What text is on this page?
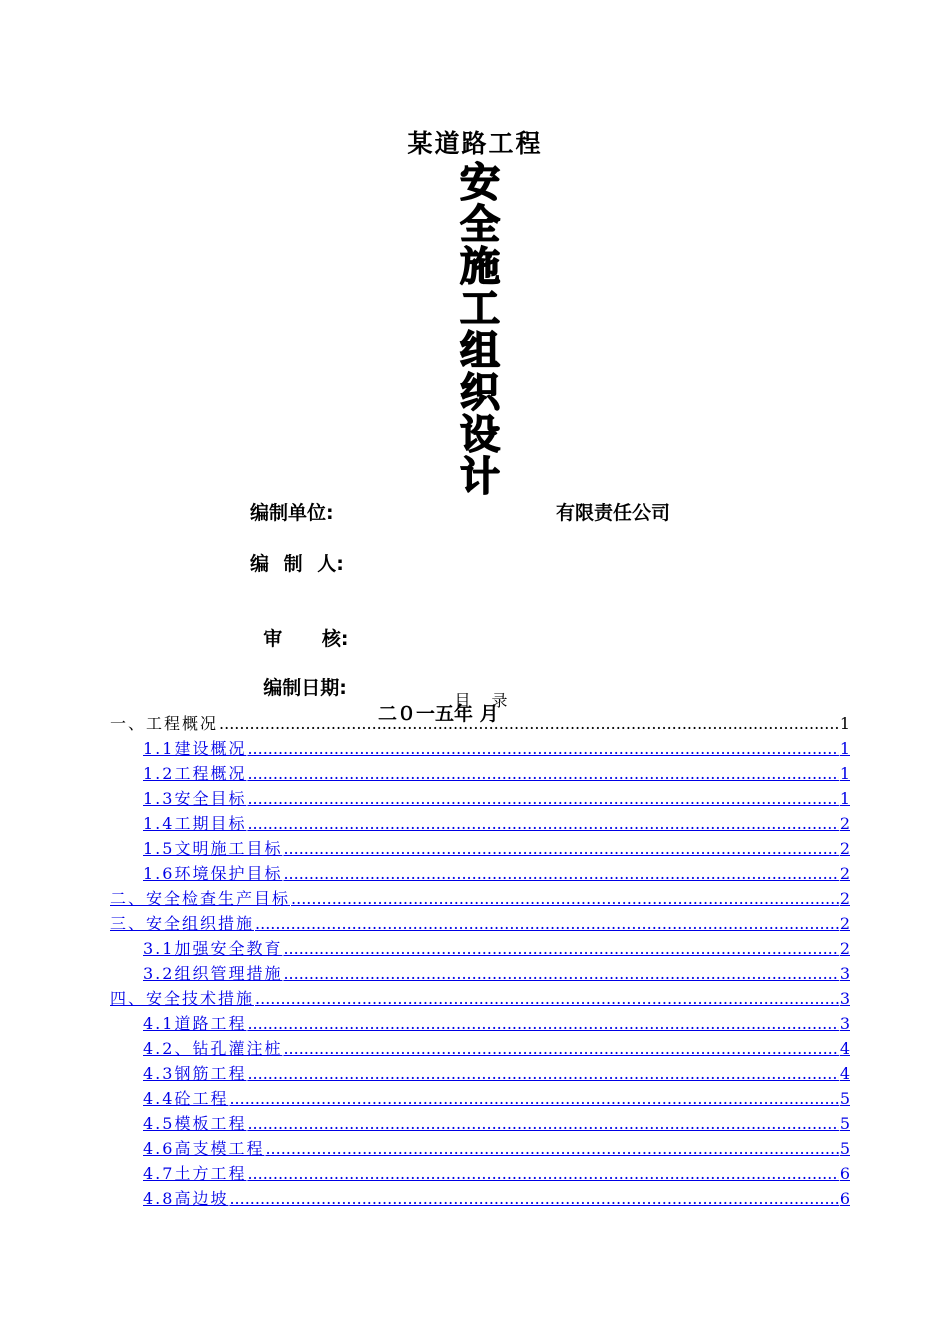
某道路工程
安
全
施
工
组
织
设
计
编制单位:	有限责任公司
编 制 人:

审      核:

编制日期:

二０一五年 月

目 录
一、工程概况 .....	1
1.1建设概况 .....	1
1.2工程概况 .....	1
1.3安全目标 .....	1
1.4工期目标 .....	2
1.5文明施工目标 .....	2
1.6环境保护目标 .....	2
二、安全检查生产目标 .....	2
三、安全组织措施 .....	2
3.1加强安全教育 .....	2
3.2组织管理措施 .....	3
四、安全技术措施 .....	3
4.1道路工程 .....	3
4.2、钻孔灌注桩 .....	4
4.3钢筋工程 .....	4
4.4砼工程 .....	5
4.5模板工程 .....	5
4.6高支模工程 .....	5
4.7土方工程 .....	6
4.8高边坡 .....	6
